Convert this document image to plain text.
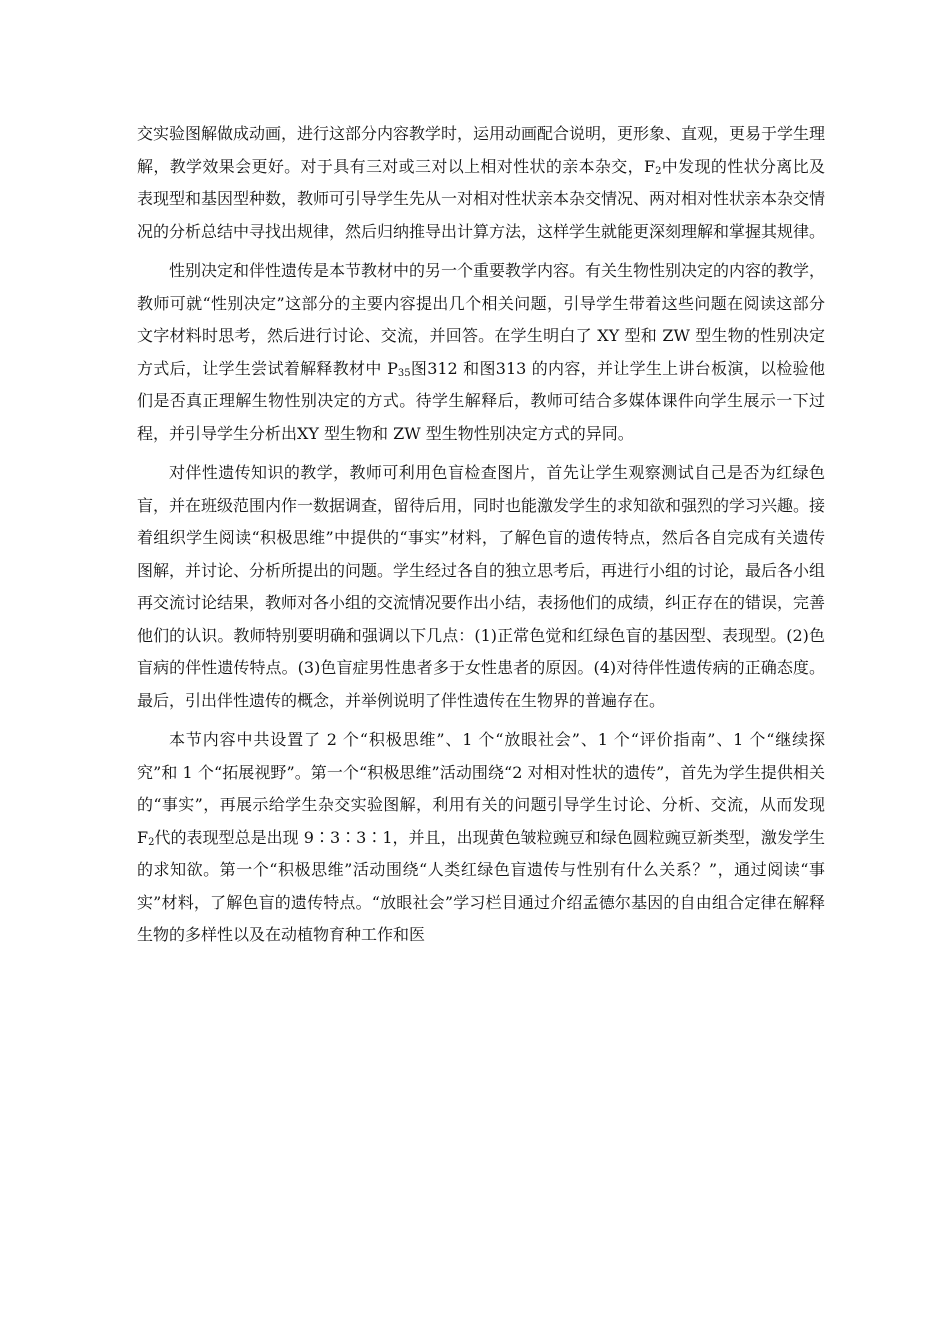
交实验图解做成动画，进行这部分内容教学时，运用动画配合说明，更形象、直观，更易于学生理解，教学效果会更好。对于具有三对或三对以上相对性状的亲本杂交，$F_2$中发现的性状分离比及表现型和基因型种数，教师可引导学生先从一对相对性状亲本杂交情况、两对相对性状亲本杂交情况的分析总结中寻找出规律，然后归纳推导出计算方法，这样学生就能更深刻理解和掌握其规律。

性别决定和伴性遗传是本节教材中的另一个重要教学内容。有关生物性别决定的内容的教学，教师可就“性别决定”这部分的主要内容提出几个相关问题，引导学生带着这些问题在阅读这部分文字材料时思考，然后进行讨论、交流，并回答。在学生明白了 XY 型和 ZW 型生物的性别决定方式后，让学生尝试着解释教材中 $P_{35}$图312 和图313 的内容，并让学生上讲台板演，以检验他们是否真正理解生物性别决定的方式。待学生解释后，教师可结合多媒体课件向学生展示一下过程，并引导学生分析出XY 型生物和 ZW 型生物性别决定方式的异同。

对伴性遗传知识的教学，教师可利用色盲检查图片，首先让学生观察测试自己是否为红绿色盲，并在班级范围内作一数据调查，留待后用，同时也能激发学生的求知欲和强烈的学习兴趣。接着组织学生阅读“积极思维”中提供的“事实”材料，了解色盲的遗传特点，然后各自完成有关遗传图解，并讨论、分析所提出的问题。学生经过各自的独立思考后，再进行小组的讨论，最后各小组再交流讨论结果，教师对各小组的交流情况要作出小结，表扬他们的成绩，纠正存在的错误，完善他们的认识。教师特别要明确和强调以下几点：(1)正常色觉和红绿色盲的基因型、表现型。(2)色盲病的伴性遗传特点。(3)色盲症男性患者多于女性患者的原因。(4)对待伴性遗传病的正确态度。最后，引出伴性遗传的概念，并举例说明了伴性遗传在生物界的普遍存在。

本节内容中共设置了 2 个“积极思维”、1 个“放眼社会”、1 个“评价指南”、1 个“继续探究”和 1 个“拓展视野”。第一个“积极思维”活动围绕“2 对相对性状的遗传”，首先为学生提供相关的“事实”，再展示给学生杂交实验图解，利用有关的问题引导学生讨论、分析、交流，从而发现$F_2$代的表现型总是出现 9∶3∶3∶1，并且，出现黄色皱粒豌豆和绿色圆粒豌豆新类型，激发学生的求知欲。第一个“积极思维”活动围绕“人类红绿色盲遗传与性别有什么关系？”，通过阅读“事实”材料，了解色盲的遗传特点。“放眼社会”学习栏目通过介绍孟德尔基因的自由组合定律在解释生物的多样性以及在动植物育种工作和医
